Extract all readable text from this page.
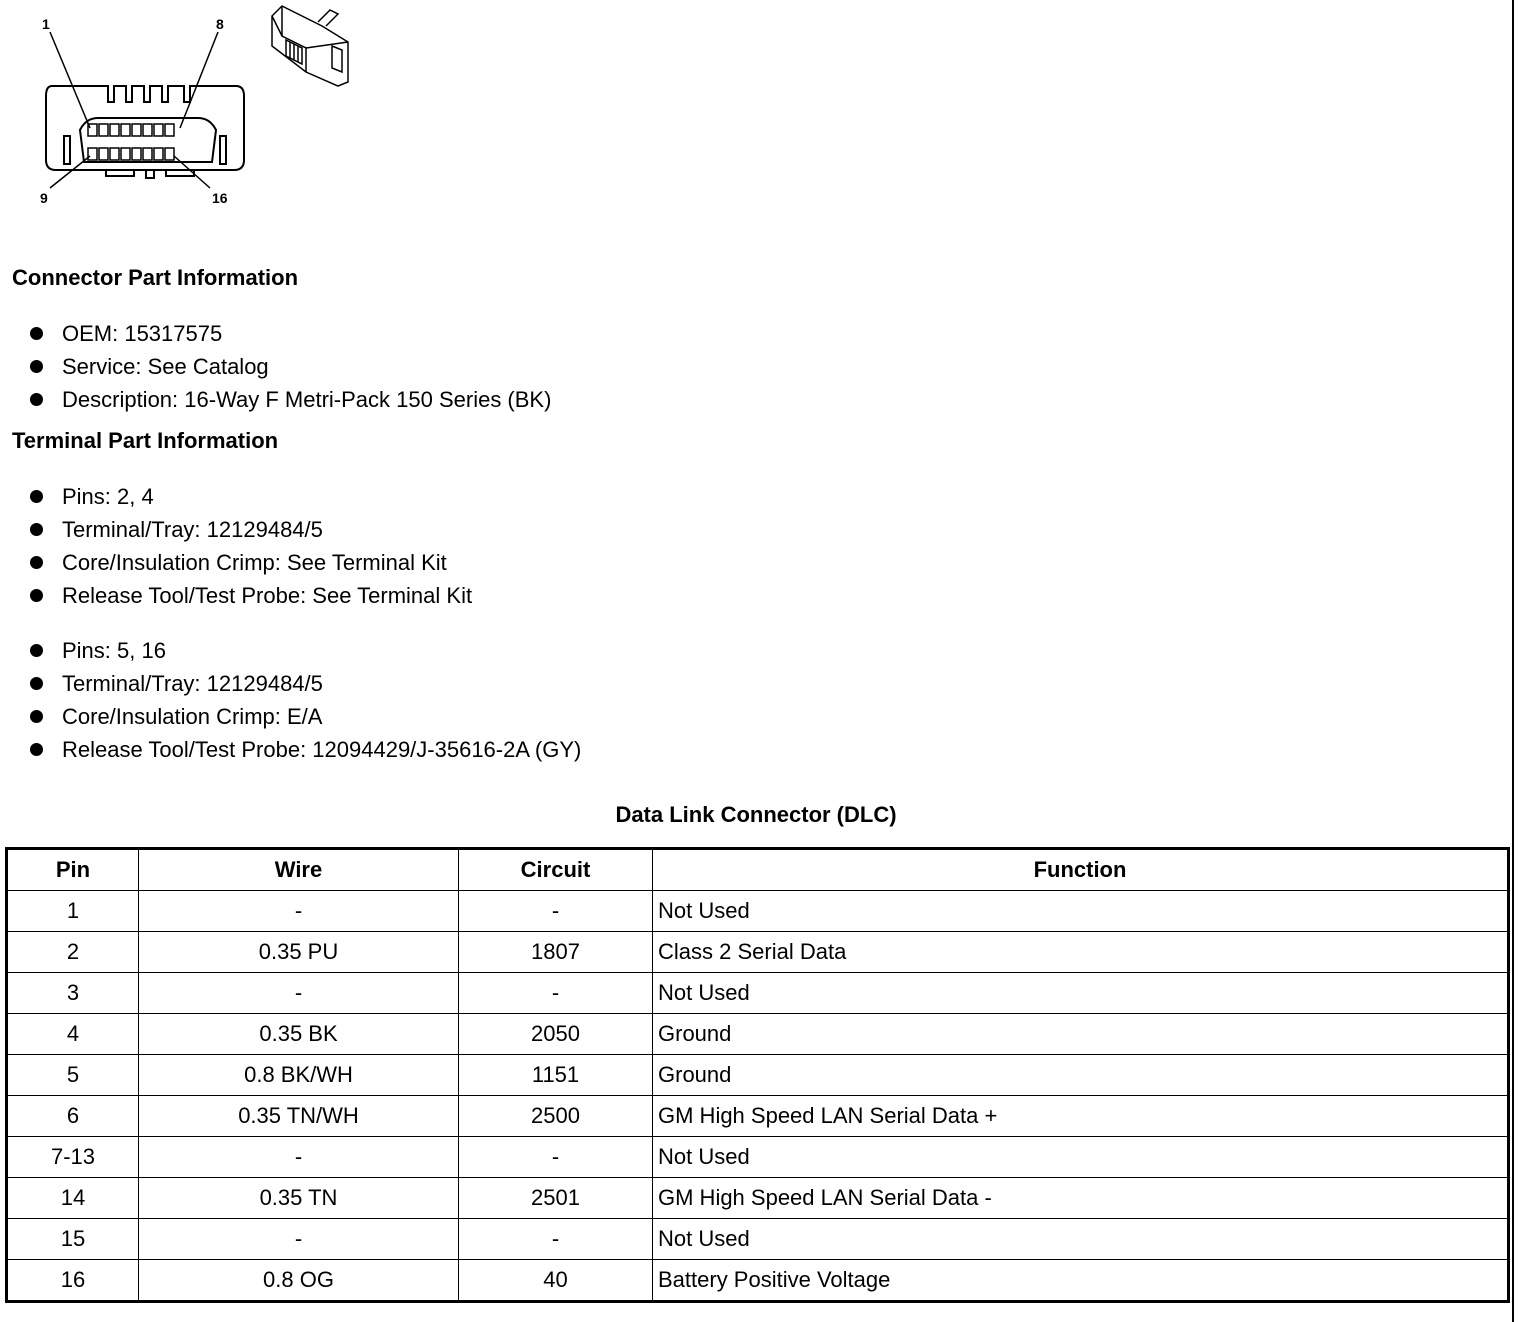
1	8
9	16
Connector Part Information
OEM: 15317575
Service: See Catalog
Description: 16-Way F Metri-Pack 150 Series (BK)
Terminal Part Information
Pins: 2, 4
Terminal/Tray: 12129484/5
Core/Insulation Crimp: See Terminal Kit
Release Tool/Test Probe: See Terminal Kit
Pins: 5, 16
Terminal/Tray: 12129484/5
Core/Insulation Crimp: E/A
Release Tool/Test Probe: 12094429/J-35616-2A (GY)
Data Link Connector (DLC)
Pin	Wire	Circuit	Function
1	-	-	Not Used
2	0.35 PU	1807	Class 2 Serial Data
3	-	-	Not Used
4	0.35 BK	2050	Ground
5	0.8 BK/WH	1151	Ground
6	0.35 TN/WH	2500	GM High Speed LAN Serial Data +
7-13	-	-	Not Used
14	0.35 TN	2501	GM High Speed LAN Serial Data -
15	-	-	Not Used
16	0.8 OG	40	Battery Positive Voltage
